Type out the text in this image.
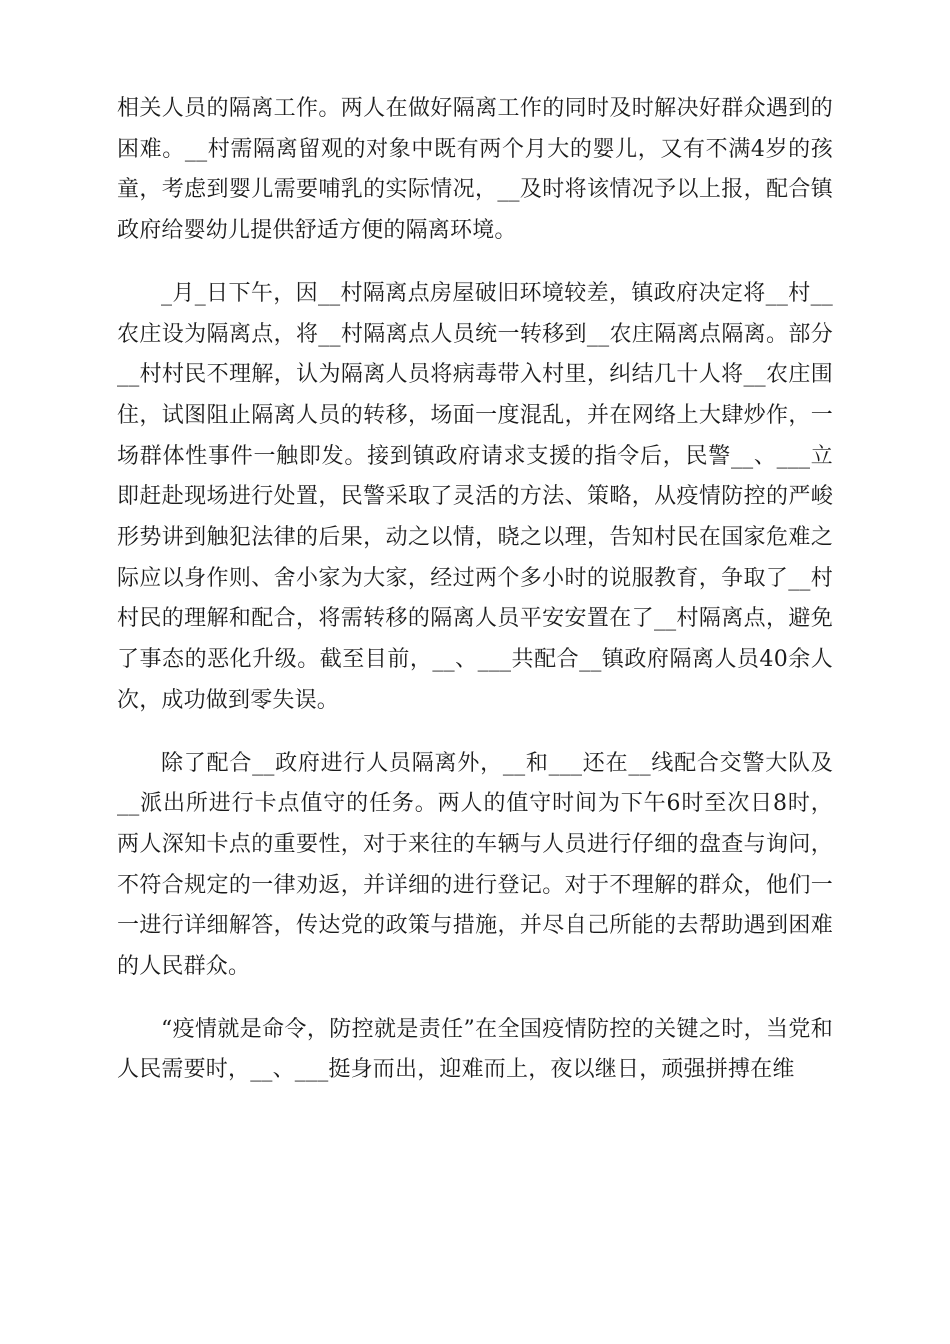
相关人员的隔离工作。两人在做好隔离工作的同时及时解决好群众遇到的困难。__村需隔离留观的对象中既有两个月大的婴儿，又有不满4岁的孩童，考虑到婴儿需要哺乳的实际情况，__及时将该情况予以上报，配合镇政府给婴幼儿提供舒适方便的隔离环境。

_月_日下午，因__村隔离点房屋破旧环境较差，镇政府决定将__村__农庄设为隔离点，将__村隔离点人员统一转移到__农庄隔离点隔离。部分__村村民不理解，认为隔离人员将病毒带入村里，纠结几十人将__农庄围住，试图阻止隔离人员的转移，场面一度混乱，并在网络上大肆炒作，一场群体性事件一触即发。接到镇政府请求支援的指令后，民警__、___立即赶赴现场进行处置，民警采取了灵活的方法、策略，从疫情防控的严峻形势讲到触犯法律的后果，动之以情，晓之以理，告知村民在国家危难之际应以身作则、舍小家为大家，经过两个多小时的说服教育，争取了__村村民的理解和配合，将需转移的隔离人员平安安置在了__村隔离点，避免了事态的恶化升级。截至目前，__、___共配合__镇政府隔离人员40余人次，成功做到零失误。

除了配合__政府进行人员隔离外，__和___还在__线配合交警大队及__派出所进行卡点值守的任务。两人的值守时间为下午6时至次日8时，两人深知卡点的重要性，对于来往的车辆与人员进行仔细的盘查与询问，不符合规定的一律劝返，并详细的进行登记。对于不理解的群众，他们一一进行详细解答，传达党的政策与措施，并尽自己所能的去帮助遇到困难的人民群众。

“疫情就是命令，防控就是责任”在全国疫情防控的关键之时，当党和人民需要时，__、___挺身而出，迎难而上，夜以继日，顽强拼搏在维
